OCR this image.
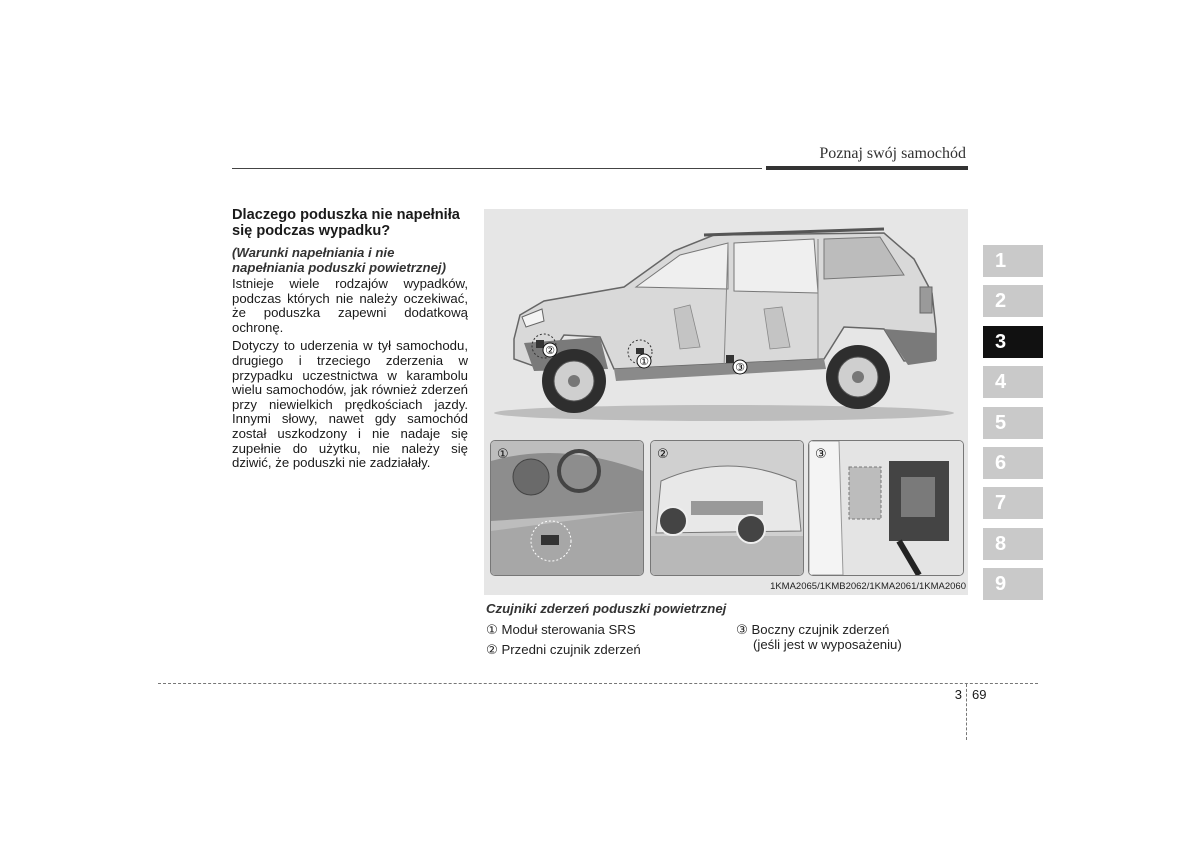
Poznaj swój samochód
Dlaczego poduszka nie napełniła się podczas wypadku?
(Warunki napełniania i nie napełniania poduszki powietrznej)

Istnieje wiele rodzajów wypadków, podczas których nie należy oczekiwać, że poduszka zapewni dodatkową ochronę.

Dotyczy to uderzenia w tył samochodu, drugiego i trzeciego zderzenia w przypadku uczestnictwa w karambolu wielu samochodów, jak również zderzeń przy niewielkich prędkościach jazdy. Innymi słowy, nawet gdy samochód został uszkodzony i nie nadaje się zupełnie do użytku, nie należy się dziwić, że poduszki nie zadziałały.

②
①	③
①	②	③
1KMA2065/1KMB2062/1KMA2061/1KMA2060
Czujniki zderzeń poduszki powietrznej
① Moduł sterowania SRS
② Przedni czujnik zderzeń
③ Boczny czujnik zderzeń
(jeśli jest w wyposażeniu)
1
2
3
4
5
6
7
8
9
3 69
